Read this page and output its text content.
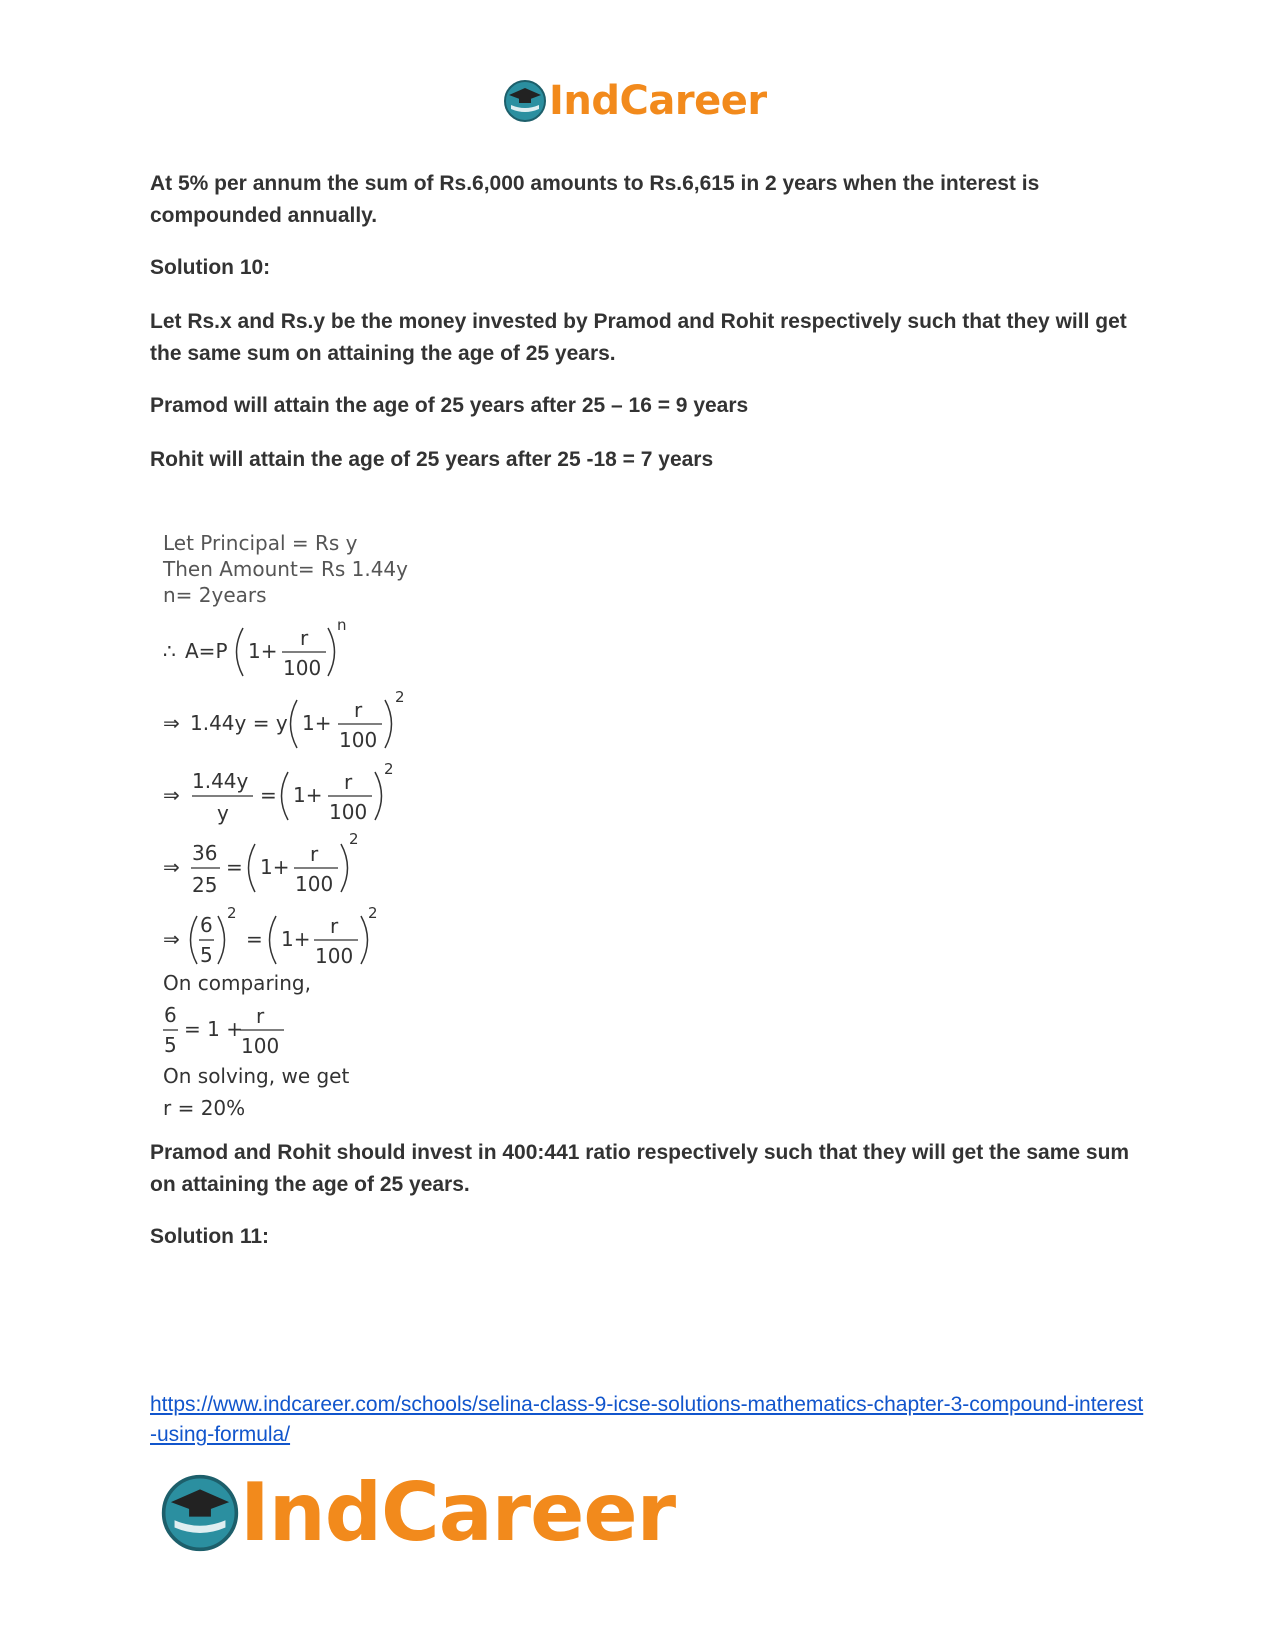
IndCareer

At 5% per annum the sum of Rs.6,000 amounts to Rs.6,615 in 2 years when the interest is compounded annually.

Solution 10:

Let Rs.x and Rs.y be the money invested by Pramod and Rohit respectively such that they will get the same sum on attaining the age of 25 years.

Pramod will attain the age of 25 years after 25 – 16 = 9 years

Rohit will attain the age of 25 years after 25 -18 = 7 years

Let Principal = Rs y
Then Amount= Rs 1.44y
n= 2years
∴ A=P 1+
r
100
n
⇒ 1.44y = y 1+
r
100
2
⇒
1.44y
y
= 1+
r
100
2
⇒
36
25
= 1+
r
100
2
⇒
6
5
2
= 1+
r
100
2
On comparing,
6
5
= 1 +
r
100
On solving, we get
r = 20%

Pramod and Rohit should invest in 400:441 ratio respectively such that they will get the same sum on attaining the age of 25 years.

Solution 11:

https://www.indcareer.com/schools/selina-class-9-icse-solutions-mathematics-chapter-3-compound-interest-using-formula/
IndCareer
